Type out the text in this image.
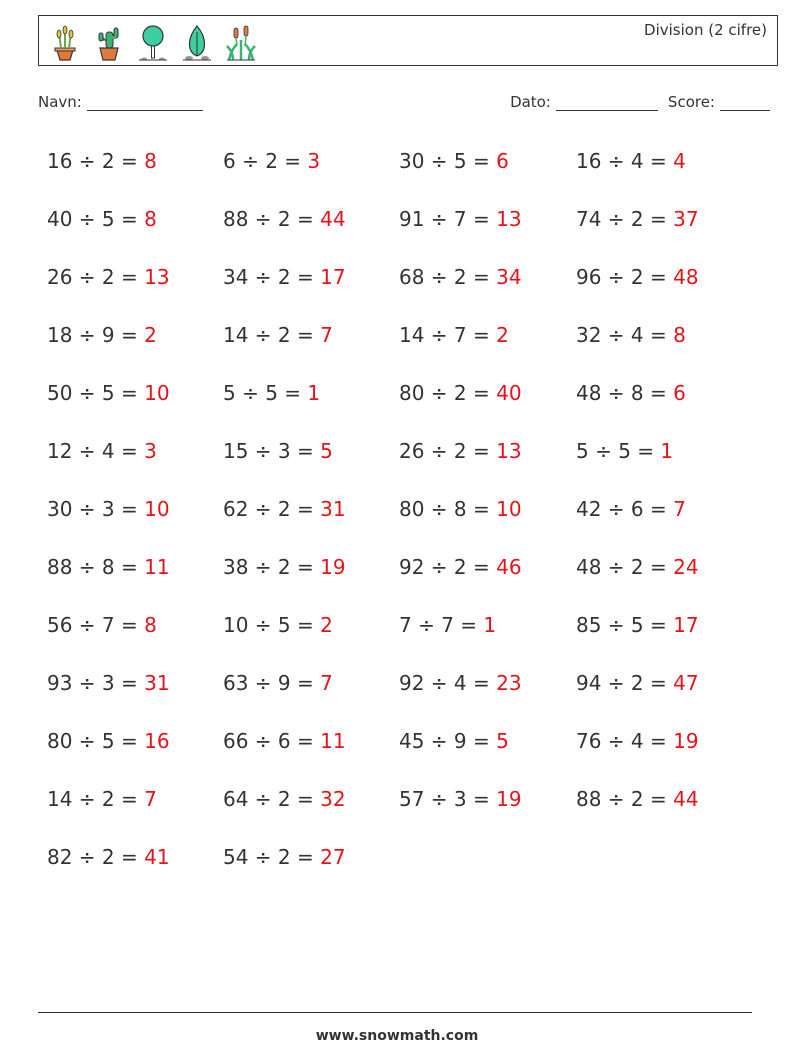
Division (2 cifre)
Navn:	Dato:	Score:
16 ÷ 2 = 8
40 ÷ 5 = 8
26 ÷ 2 = 13
18 ÷ 9 = 2
50 ÷ 5 = 10
12 ÷ 4 = 3
30 ÷ 3 = 10
88 ÷ 8 = 11
56 ÷ 7 = 8
93 ÷ 3 = 31
80 ÷ 5 = 16
14 ÷ 2 = 7
82 ÷ 2 = 41
6 ÷ 2 = 3
88 ÷ 2 = 44
34 ÷ 2 = 17
14 ÷ 2 = 7
5 ÷ 5 = 1
15 ÷ 3 = 5
62 ÷ 2 = 31
38 ÷ 2 = 19
10 ÷ 5 = 2
63 ÷ 9 = 7
66 ÷ 6 = 11
64 ÷ 2 = 32
54 ÷ 2 = 27
30 ÷ 5 = 6
91 ÷ 7 = 13
68 ÷ 2 = 34
14 ÷ 7 = 2
80 ÷ 2 = 40
26 ÷ 2 = 13
80 ÷ 8 = 10
92 ÷ 2 = 46
7 ÷ 7 = 1
92 ÷ 4 = 23
45 ÷ 9 = 5
57 ÷ 3 = 19
16 ÷ 4 = 4
74 ÷ 2 = 37
96 ÷ 2 = 48
32 ÷ 4 = 8
48 ÷ 8 = 6
5 ÷ 5 = 1
42 ÷ 6 = 7
48 ÷ 2 = 24
85 ÷ 5 = 17
94 ÷ 2 = 47
76 ÷ 4 = 19
88 ÷ 2 = 44
www.snowmath.com
